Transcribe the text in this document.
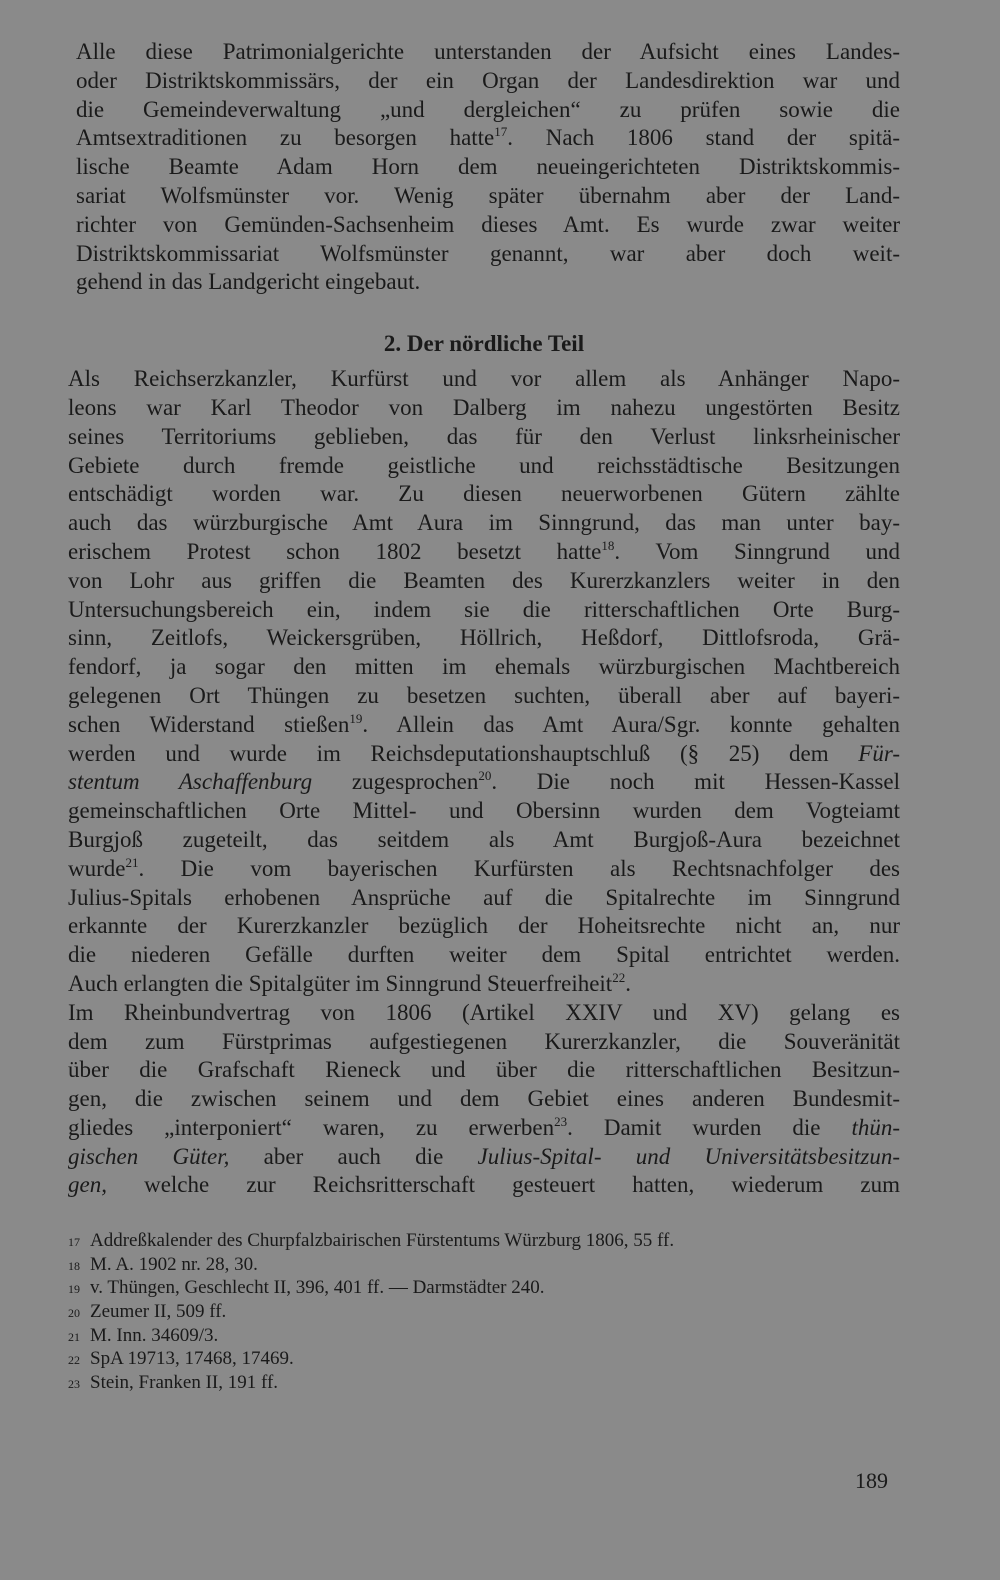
Alle diese Patrimonialgerichte unterstanden der Aufsicht eines Landes-
oder Distriktskommissärs, der ein Organ der Landesdirektion war und
die Gemeindeverwaltung „und dergleichen“ zu prüfen sowie die
Amtsextraditionen zu besorgen hatte$^{17}$. Nach 1806 stand der spitä-
lische Beamte Adam Horn dem neueingerichteten Distriktskommis-
sariat Wolfsmünster vor. Wenig später übernahm aber der Land-
richter von Gemünden-Sachsenheim dieses Amt. Es wurde zwar weiter
Distriktskommissariat Wolfsmünster genannt, war aber doch weit-
gehend in das Landgericht eingebaut.
2. Der nördliche Teil
Als Reichserzkanzler, Kurfürst und vor allem als Anhänger Napo-
leons war Karl Theodor von Dalberg im nahezu ungestörten Besitz
seines Territoriums geblieben, das für den Verlust linksrheinischer
Gebiete durch fremde geistliche und reichsstädtische Besitzungen
entschädigt worden war. Zu diesen neuerworbenen Gütern zählte
auch das würzburgische Amt Aura im Sinngrund, das man unter bay-
erischem Protest schon 1802 besetzt hatte$^{18}$. Vom Sinngrund und
von Lohr aus griffen die Beamten des Kurerzkanzlers weiter in den
Untersuchungsbereich ein, indem sie die ritterschaftlichen Orte Burg-
sinn, Zeitlofs, Weickersgrüben, Höllrich, Heßdorf, Dittlofsroda, Grä-
fendorf, ja sogar den mitten im ehemals würzburgischen Machtbereich
gelegenen Ort Thüngen zu besetzen suchten, überall aber auf bayeri-
schen Widerstand stießen$^{19}$. Allein das Amt Aura/Sgr. konnte gehalten
werden und wurde im Reichsdeputationshauptschluß (§ 25) dem Für-
stentum Aschaffenburg zugesprochen$^{20}$. Die noch mit Hessen-Kassel
gemeinschaftlichen Orte Mittel- und Obersinn wurden dem Vogteiamt
Burgjoß zugeteilt, das seitdem als Amt Burgjoß-Aura bezeichnet
wurde$^{21}$. Die vom bayerischen Kurfürsten als Rechtsnachfolger des
Julius-Spitals erhobenen Ansprüche auf die Spitalrechte im Sinngrund
erkannte der Kurerzkanzler bezüglich der Hoheitsrechte nicht an, nur
die niederen Gefälle durften weiter dem Spital entrichtet werden.
Auch erlangten die Spitalgüter im Sinngrund Steuerfreiheit$^{22}$.
Im Rheinbundvertrag von 1806 (Artikel XXIV und XV) gelang es
dem zum Fürstprimas aufgestiegenen Kurerzkanzler, die Souveränität
über die Grafschaft Rieneck und über die ritterschaftlichen Besitzun-
gen, die zwischen seinem und dem Gebiet eines anderen Bundesmit-
gliedes „interponiert“ waren, zu erwerben$^{23}$. Damit wurden die thün-
gischen Güter, aber auch die Julius-Spital- und Universitätsbesitzun-
gen, welche zur Reichsritterschaft gesteuert hatten, wiederum zum
17 Addreßkalender des Churpfalzbairischen Fürstentums Würzburg 1806, 55 ff.
18 M. A. 1902 nr. 28, 30.
19 v. Thüngen, Geschlecht II, 396, 401 ff. — Darmstädter 240.
20 Zeumer II, 509 ff.
21 M. Inn. 34609/3.
22 SpA 19713, 17468, 17469.
23 Stein, Franken II, 191 ff.
189
